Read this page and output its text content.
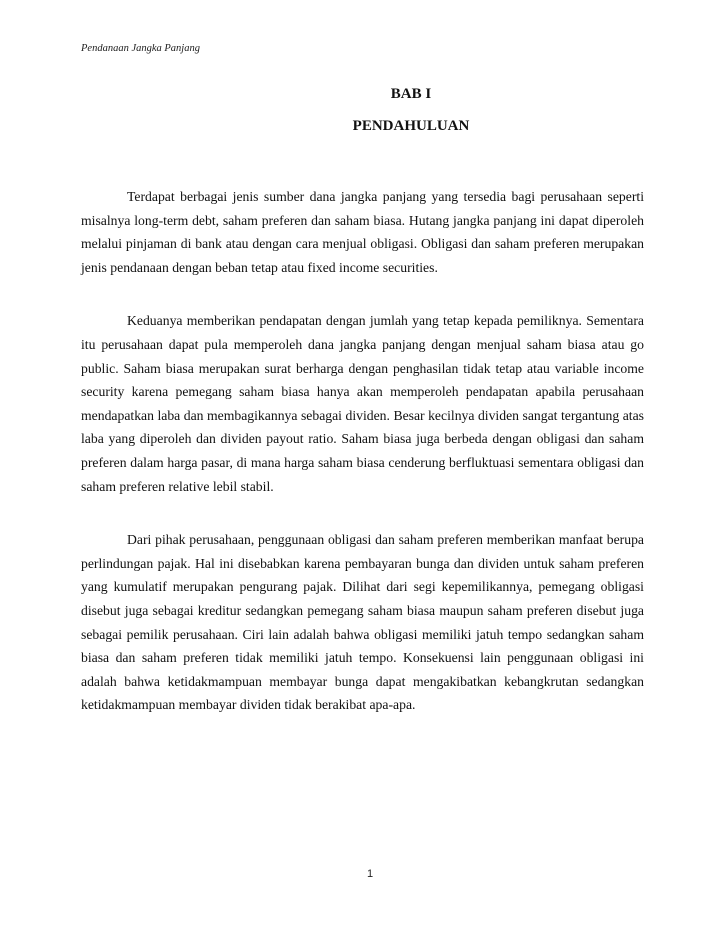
Pendanaan Jangka Panjang
BAB I
PENDAHULUAN

Terdapat berbagai jenis sumber dana jangka panjang yang tersedia bagi perusahaan seperti misalnya long-term debt, saham preferen dan saham biasa. Hutang jangka panjang ini dapat diperoleh melalui pinjaman di bank atau dengan cara menjual obligasi. Obligasi dan saham preferen merupakan jenis pendanaan dengan beban tetap atau fixed income securities.

Keduanya memberikan pendapatan dengan jumlah yang tetap kepada pemiliknya. Sementara itu perusahaan dapat pula memperoleh dana jangka panjang dengan menjual saham biasa atau go public. Saham biasa merupakan surat berharga dengan penghasilan tidak tetap atau variable income security karena pemegang saham biasa hanya akan memperoleh pendapatan apabila perusahaan mendapatkan laba dan membagikannya sebagai dividen. Besar kecilnya dividen sangat tergantung atas laba yang diperoleh dan dividen payout ratio. Saham biasa juga berbeda dengan obligasi dan saham preferen dalam harga pasar, di mana harga saham biasa cenderung berfluktuasi sementara obligasi dan saham preferen relative lebil stabil.

Dari pihak perusahaan, penggunaan obligasi dan saham preferen memberikan manfaat berupa perlindungan pajak. Hal ini disebabkan karena pembayaran bunga dan dividen untuk saham preferen yang kumulatif merupakan pengurang pajak. Dilihat dari segi kepemilikannya, pemegang obligasi disebut juga sebagai kreditur sedangkan pemegang saham biasa maupun saham preferen disebut juga sebagai pemilik perusahaan. Ciri lain adalah bahwa obligasi memiliki jatuh tempo sedangkan saham biasa dan saham preferen tidak memiliki jatuh tempo. Konsekuensi lain penggunaan obligasi ini adalah bahwa ketidakmampuan membayar bunga dapat mengakibatkan kebangkrutan sedangkan ketidakmampuan membayar dividen tidak berakibat apa-apa.

1
